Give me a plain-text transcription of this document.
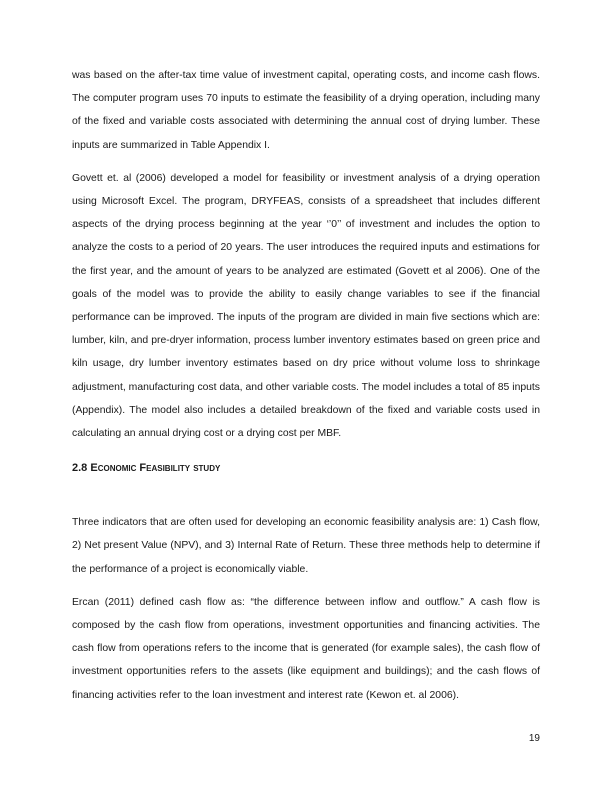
was based on the after-tax time value of investment capital, operating costs, and income cash flows. The computer program uses 70 inputs to estimate the feasibility of a drying operation, including many of the fixed and variable costs associated with determining the annual cost of drying lumber. These inputs are summarized in Table Appendix I.

Govett et. al (2006) developed a model for feasibility or investment analysis of a drying operation using Microsoft Excel. The program, DRYFEAS, consists of a spreadsheet that includes different aspects of the drying process beginning at the year ‘’0’’ of investment and includes the option to analyze the costs to a period of 20 years. The user introduces the required inputs and estimations for the first year, and the amount of years to be analyzed are estimated (Govett et al 2006). One of the goals of the model was to provide the ability to easily change variables to see if the financial performance can be improved. The inputs of the program are divided in main five sections which are: lumber, kiln, and pre-dryer information, process lumber inventory estimates based on green price and kiln usage, dry lumber inventory estimates based on dry price without volume loss to shrinkage adjustment, manufacturing cost data, and other variable costs. The model includes a total of 85 inputs (Appendix). The model also includes a detailed breakdown of the fixed and variable costs used in calculating an annual drying cost or a drying cost per MBF.

2.8 Economic Feasibility study

Three indicators that are often used for developing an economic feasibility analysis are: 1) Cash flow, 2) Net present Value (NPV), and 3) Internal Rate of Return. These three methods help to determine if the performance of a project is economically viable.

Ercan (2011) defined cash flow as: “the difference between inflow and outflow.” A cash flow is composed by the cash flow from operations, investment opportunities and financing activities. The cash flow from operations refers to the income that is generated (for example sales), the cash flow of investment opportunities refers to the assets (like equipment and buildings); and the cash flows of financing activities refer to the loan investment and interest rate (Kewon et. al 2006).

19
